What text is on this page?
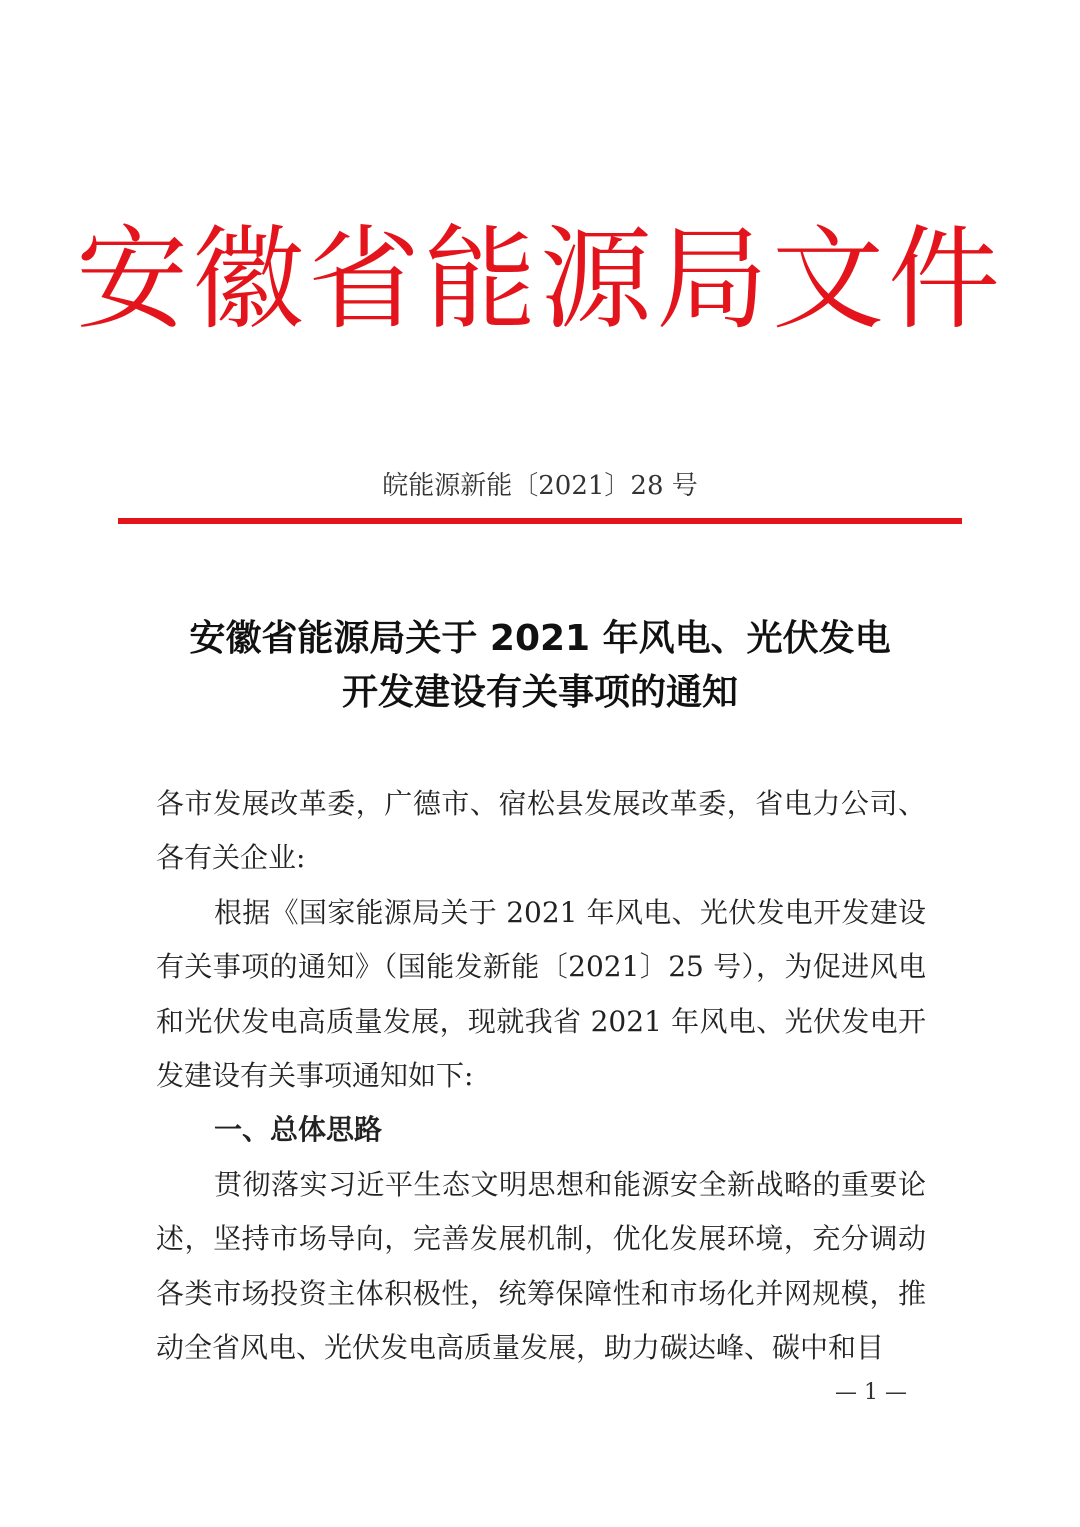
安徽省能源局文件
皖能源新能〔2021〕28 号
安徽省能源局关于 2021 年风电、光伏发电
开发建设有关事项的通知

各市发展改革委，广德市、宿松县发展改革委，省电力公司、各有关企业:

根据《国家能源局关于 2021 年风电、光伏发电开发建设有关事项的通知》（国能发新能〔2021〕25 号），为促进风电和光伏发电高质量发展，现就我省 2021 年风电、光伏发电开发建设有关事项通知如下:

一、总体思路

贯彻落实习近平生态文明思想和能源安全新战略的重要论述，坚持市场导向，完善发展机制，优化发展环境，充分调动各类市场投资主体积极性，统筹保障性和市场化并网规模，推动全省风电、光伏发电高质量发展，助力碳达峰、碳中和目

— 1 —
